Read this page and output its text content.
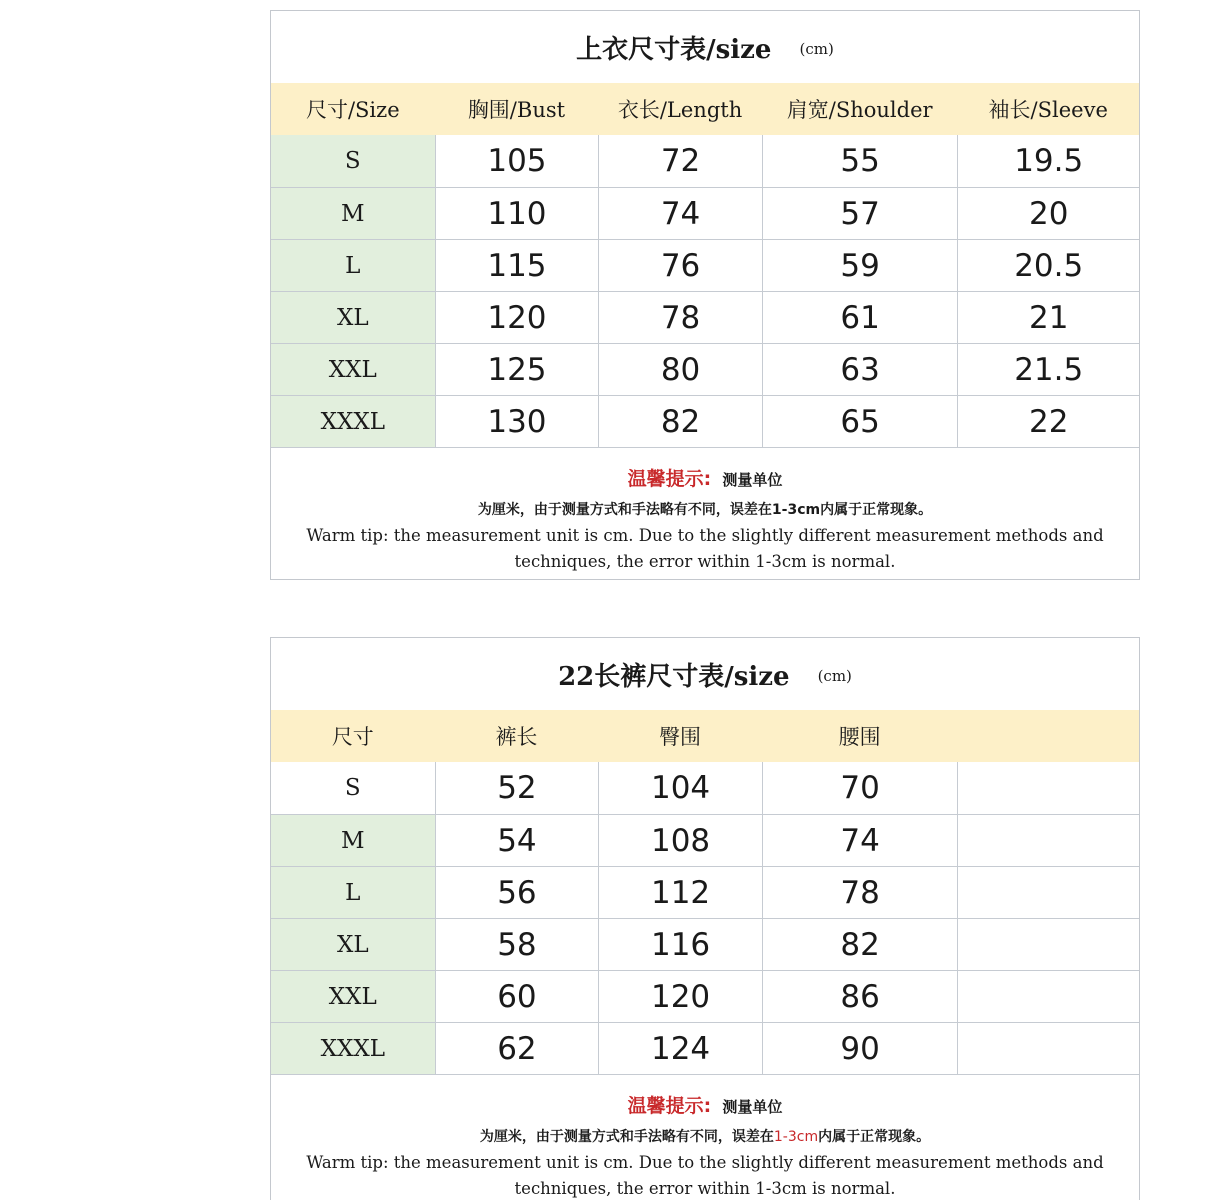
上衣尺寸表/size (cm)
尺寸/Size	胸围/Bust	衣长/Length	肩宽/Shoulder	袖长/Sleeve
S	105	72	55	19.5
M	110	74	57	20
L	115	76	59	20.5
XL	120	78	61	21
XXL	125	80	63	21.5
XXXL	130	82	65	22
温馨提示: 测量单位
为厘米，由于测量方式和手法略有不同，误差在1-3cm内属于正常现象。
Warm tip: the measurement unit is cm. Due to the slightly different measurement methods and techniques, the error within 1-3cm is normal.
22长裤尺寸表/size (cm)
尺寸	裤长	臀围	腰围
S	52	104	70
M	54	108	74
L	56	112	78
XL	58	116	82
XXL	60	120	86
XXXL	62	124	90
温馨提示: 测量单位
为厘米，由于测量方式和手法略有不同，误差在1-3cm内属于正常现象。
Warm tip: the measurement unit is cm. Due to the slightly different measurement methods and techniques, the error within 1-3cm is normal.
